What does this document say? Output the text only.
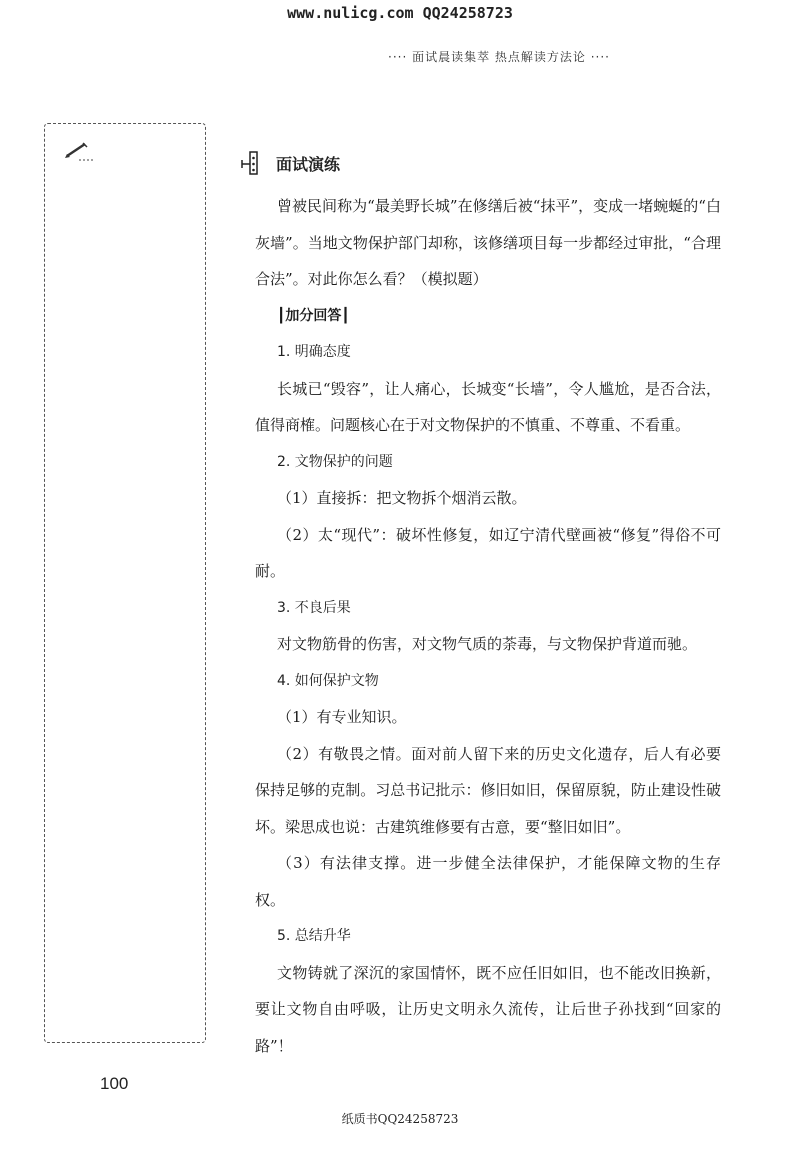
www.nulicg.com QQ24258723
···· 面试晨读集萃 热点解读方法论 ····
面试演练

曾被民间称为“最美野长城”在修缮后被“抹平”，变成一堵蜿蜒的“白灰墙”。当地文物保护部门却称，该修缮项目每一步都经过审批，“合理合法”。对此你怎么看？（模拟题）

┃加分回答┃

1. 明确态度

长城已“毁容”，让人痛心，长城变“长墙”，令人尴尬，是否合法，值得商榷。问题核心在于对文物保护的不慎重、不尊重、不看重。

2. 文物保护的问题

（1）直接拆：把文物拆个烟消云散。

（2）太“现代”：破坏性修复，如辽宁清代壁画被“修复”得俗不可耐。

3. 不良后果

对文物筋骨的伤害，对文物气质的荼毒，与文物保护背道而驰。

4. 如何保护文物

（1）有专业知识。

（2）有敬畏之情。面对前人留下来的历史文化遗存，后人有必要保持足够的克制。习总书记批示：修旧如旧，保留原貌，防止建设性破坏。梁思成也说：古建筑维修要有古意，要“整旧如旧”。

（3）有法律支撑。进一步健全法律保护，才能保障文物的生存权。

5. 总结升华

文物铸就了深沉的家国情怀，既不应任旧如旧，也不能改旧换新，要让文物自由呼吸，让历史文明永久流传，让后世子孙找到“回家的路”！

100
纸质书QQ24258723
